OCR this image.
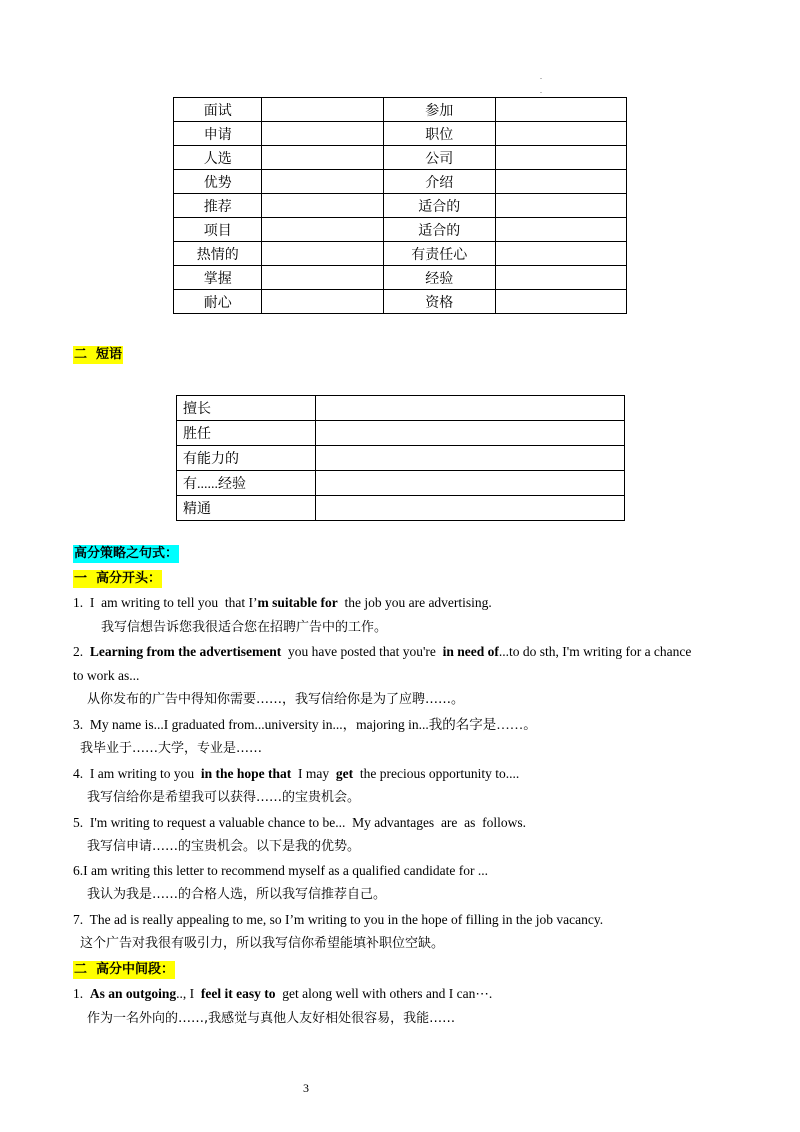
.
.
面试		参加	
申请		职位	
人选		公司	
优势		介绍	
推荐		适合的	
项目		适合的	
热情的		有责任心	
掌握		经验	
耐心		资格	
二  短语
擅长	
胜任	
有能力的	
有......经验	
精通	
高分策略之句式：
一  高分开头：
1.  I  am writing to tell you  that I’m suitable for  the job you are advertising.
我写信想告诉您我很适合您在招聘广告中的工作。
2.  Learning from the advertisement  you have posted that you're  in need of...to do sth, I'm writing for a chance
to work as...
从你发布的广告中得知你需要……，我写信给你是为了应聘……。
3.  My name is...I graduated from...university in...，majoring in...我的名字是……。
我毕业于……大学，专业是……
4.  I am writing to you  in the hope that  I may  get  the precious opportunity to....
我写信给你是希望我可以获得……的宝贵机会。
5.  I'm writing to request a valuable chance to be...  My advantages  are  as  follows.
我写信申请……的宝贵机会。以下是我的优势。
6.I am writing this letter to recommend myself as a qualified candidate for ...
我认为我是……的合格人选，所以我写信推荐自己。
7.  The ad is really appealing to me, so I’m writing to you in the hope of filling in the job vacancy.
这个广告对我很有吸引力，所以我写信你希望能填补职位空缺。
二  高分中间段：
1.  As an outgoing.., I  feel it easy to  get along well with others and I can⋯.
作为一名外向的……,我感觉与真他人友好相处很容易，我能……
3
